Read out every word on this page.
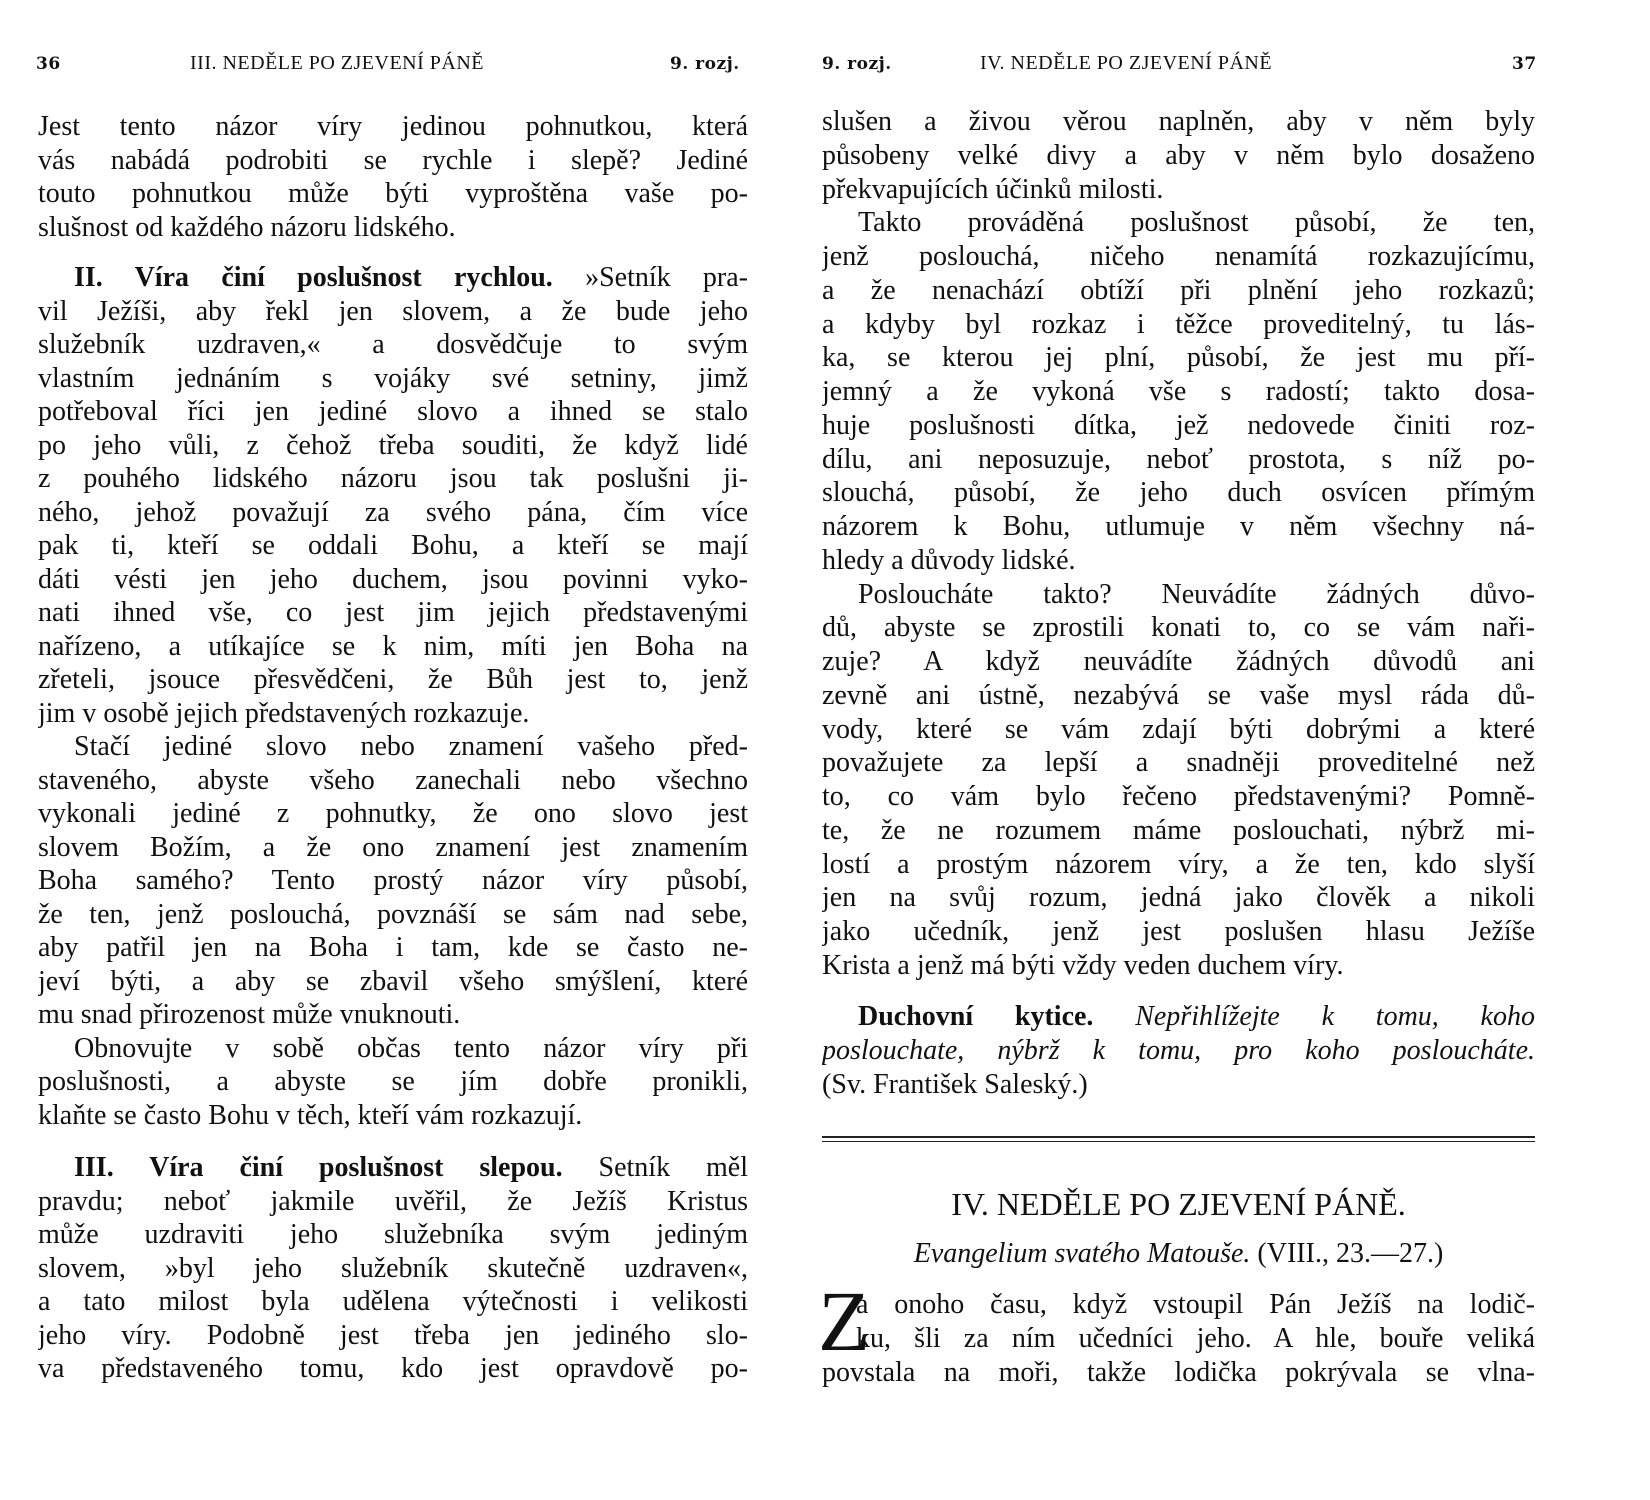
36	III. NEDĚLE PO ZJEVENÍ PÁNĚ	9. rozj.	9. rozj.	IV. NEDĚLE PO ZJEVENÍ PÁNĚ	37
Jest tento názor víry jedinou pohnutkou, která
vás nabádá podrobiti se rychle i slepě? Jediné
touto pohnutkou může býti vyproštěna vaše po-
slušnost od každého názoru lidského.
II. Víra činí poslušnost rychlou. »Setník pra-
vil Ježíši, aby řekl jen slovem, a že bude jeho
služebník uzdraven,« a dosvědčuje to svým
vlastním jednáním s vojáky své setniny, jimž
potřeboval říci jen jediné slovo a ihned se stalo
po jeho vůli, z čehož třeba souditi, že když lidé
z pouhého lidského názoru jsou tak poslušni ji-
ného, jehož považují za svého pána, čím více
pak ti, kteří se oddali Bohu, a kteří se mají
dáti vésti jen jeho duchem, jsou povinni vyko-
nati ihned vše, co jest jim jejich představenými
nařízeno, a utíkajíce se k nim, míti jen Boha na
zřeteli, jsouce přesvědčeni, že Bůh jest to, jenž
jim v osobě jejich představených rozkazuje.
Stačí jediné slovo nebo znamení vašeho před-
staveného, abyste všeho zanechali nebo všechno
vykonali jediné z pohnutky, že ono slovo jest
slovem Božím, a že ono znamení jest znamením
Boha samého? Tento prostý názor víry působí,
že ten, jenž poslouchá, povznáší se sám nad sebe,
aby patřil jen na Boha i tam, kde se často ne-
jeví býti, a aby se zbavil všeho smýšlení, které
mu snad přirozenost může vnuknouti.
Obnovujte v sobě občas tento názor víry při
poslušnosti, a abyste se jím dobře pronikli,
klaňte se často Bohu v těch, kteří vám rozkazují.
III. Víra činí poslušnost slepou. Setník měl
pravdu; neboť jakmile uvěřil, že Ježíš Kristus
může uzdraviti jeho služebníka svým jediným
slovem, »byl jeho služebník skutečně uzdraven«,
a tato milost byla udělena výtečnosti i velikosti
jeho víry. Podobně jest třeba jen jediného slo-
va představeného tomu, kdo jest opravdově po-
slušen a živou věrou naplněn, aby v něm byly
působeny velké divy a aby v něm bylo dosaženo
překvapujících účinků milosti.
Takto prováděná poslušnost působí, že ten,
jenž poslouchá, ničeho nenamítá rozkazujícímu,
a že nenachází obtíží při plnění jeho rozkazů;
a kdyby byl rozkaz i těžce proveditelný, tu lás-
ka, se kterou jej plní, působí, že jest mu pří-
jemný a že vykoná vše s radostí; takto dosa-
huje poslušnosti dítka, jež nedovede činiti roz-
dílu, ani neposuzuje, neboť prostota, s níž po-
slouchá, působí, že jeho duch osvícen přímým
názorem k Bohu, utlumuje v něm všechny ná-
hledy a důvody lidské.
Posloucháte takto? Neuvádíte žádných důvo-
dů, abyste se zprostili konati to, co se vám naři-
zuje? A když neuvádíte žádných důvodů ani
zevně ani ústně, nezabývá se vaše mysl ráda dů-
vody, které se vám zdají býti dobrými a které
považujete za lepší a snadněji proveditelné než
to, co vám bylo řečeno představenými? Pomně-
te, že ne rozumem máme poslouchati, nýbrž mi-
lostí a prostým názorem víry, a že ten, kdo slyší
jen na svůj rozum, jedná jako člověk a nikoli
jako učedník, jenž jest poslušen hlasu Ježíše
Krista a jenž má býti vždy veden duchem víry.
Duchovní kytice. Nepřihlížejte k tomu, koho
poslouchate, nýbrž k tomu, pro koho posloucháte.
(Sv. František Saleský.)
IV. NEDĚLE PO ZJEVENÍ PÁNĚ.
Evangelium svatého Matouše. (VIII., 23.—27.)
Z
a onoho času, když vstoupil Pán Ježíš na lodič-
ku, šli za ním učedníci jeho. A hle, bouře veliká
povstala na moři, takže lodička pokrývala se vlna-
